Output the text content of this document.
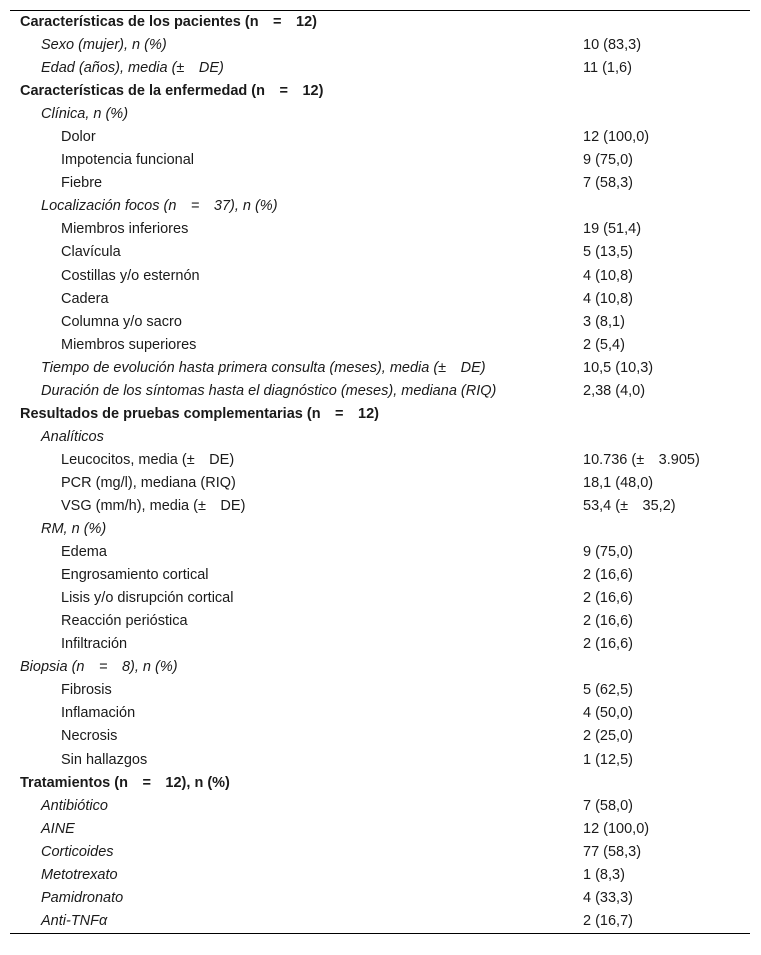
Características de los pacientes (n = 12)
Sexo (mujer), n (%)	10 (83,3)
Edad (años), media (± DE)	11 (1,6)
Características de la enfermedad (n = 12)
Clínica, n (%)
Dolor	12 (100,0)
Impotencia funcional	9 (75,0)
Fiebre	7 (58,3)
Localización focos (n = 37), n (%)
Miembros inferiores	19 (51,4)
Clavícula	5 (13,5)
Costillas y/o esternón	4 (10,8)
Cadera	4 (10,8)
Columna y/o sacro	3 (8,1)
Miembros superiores	2 (5,4)
Tiempo de evolución hasta primera consulta (meses), media (± DE)	10,5 (10,3)
Duración de los síntomas hasta el diagnóstico (meses), mediana (RIQ)	2,38 (4,0)
Resultados de pruebas complementarias (n = 12)
Analíticos
Leucocitos, media (± DE)	10.736 (± 3.905)
PCR (mg/l), mediana (RIQ)	18,1 (48,0)
VSG (mm/h), media (± DE)	53,4 (± 35,2)
RM, n (%)
Edema	9 (75,0)
Engrosamiento cortical	2 (16,6)
Lisis y/o disrupción cortical	2 (16,6)
Reacción perióstica	2 (16,6)
Infiltración	2 (16,6)
Biopsia (n = 8), n (%)
Fibrosis	5 (62,5)
Inflamación	4 (50,0)
Necrosis	2 (25,0)
Sin hallazgos	1 (12,5)
Tratamientos (n = 12), n (%)
Antibiótico	7 (58,0)
AINE	12 (100,0)
Corticoides	77 (58,3)
Metotrexato	1 (8,3)
Pamidronato	4 (33,3)
Anti-TNFα	2 (16,7)
